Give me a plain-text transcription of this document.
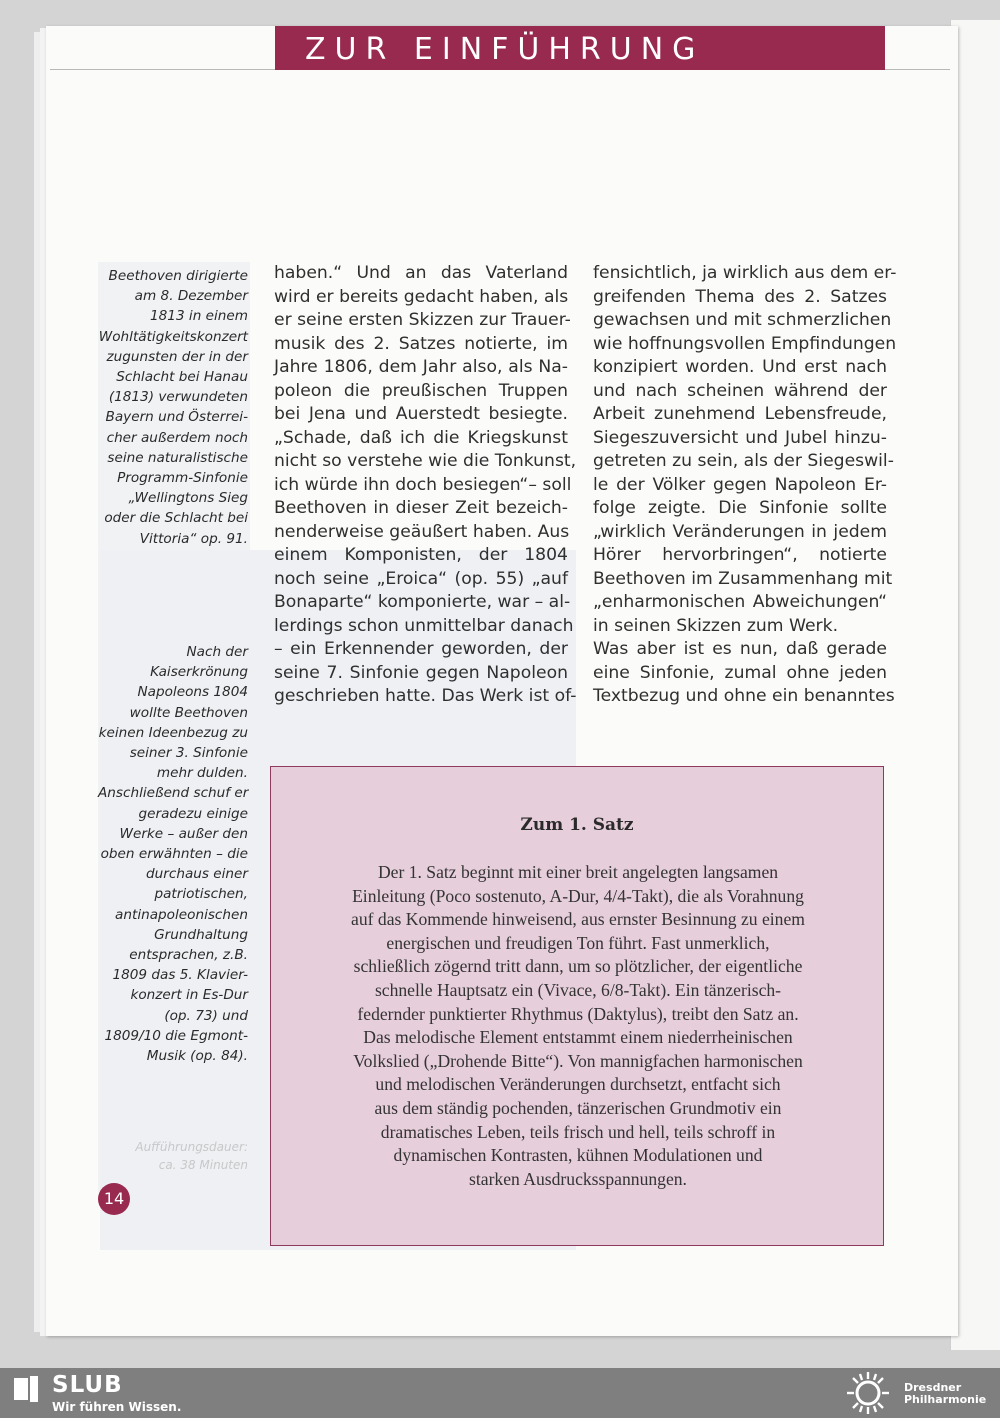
ZUR EINFÜHRUNG
Beethoven dirigierte
am 8. Dezember
1813 in einem
Wohltätigkeitskonzert
zugunsten der in der
Schlacht bei Hanau
(1813) verwundeten
Bayern und Österrei-
cher außerdem noch
seine naturalistische
Programm-Sinfonie
„Wellingtons Sieg
oder die Schlacht bei
Vittoria“ op. 91.
Nach der
Kaiserkrönung
Napoleons 1804
wollte Beethoven
keinen Ideenbezug zu
seiner 3. Sinfonie
mehr dulden.
Anschließend schuf er
geradezu einige
Werke – außer den
oben erwähnten – die
durchaus einer
patriotischen,
antinapoleonischen
Grundhaltung
entsprachen, z.B.
1809 das 5. Klavier-
konzert in Es-Dur
(op. 73) und
1809/10 die Egmont-
Musik (op. 84).
Aufführungsdauer:
ca. 38 Minuten
haben.“ Und an das Vaterland
wird er bereits gedacht haben, als
er seine ersten Skizzen zur Trauer-
musik des 2. Satzes notierte, im
Jahre 1806, dem Jahr also, als Na-
poleon die preußischen Truppen
bei Jena und Auerstedt besiegte.
„Schade, daß ich die Kriegskunst
nicht so verstehe wie die Tonkunst,
ich würde ihn doch besiegen“– soll
Beethoven in dieser Zeit bezeich-
nenderweise geäußert haben. Aus
einem Komponisten, der 1804
noch seine „Eroica“ (op. 55) „auf
Bonaparte“ komponierte, war – al-
lerdings schon unmittelbar danach
– ein Erkennender geworden, der
seine 7. Sinfonie gegen Napoleon
geschrieben hatte. Das Werk ist of-
fensichtlich, ja wirklich aus dem er-
greifenden Thema des 2. Satzes
gewachsen und mit schmerzlichen
wie hoffnungsvollen Empfindungen
konzipiert worden. Und erst nach
und nach scheinen während der
Arbeit zunehmend Lebensfreude,
Siegeszuversicht und Jubel hinzu-
getreten zu sein, als der Siegeswil-
le der Völker gegen Napoleon Er-
folge zeigte. Die Sinfonie sollte
„wirklich Veränderungen in jedem
Hörer hervorbringen“, notierte
Beethoven im Zusammenhang mit
„enharmonischen Abweichungen“
in seinen Skizzen zum Werk.
Was aber ist es nun, daß gerade
eine Sinfonie, zumal ohne jeden
Textbezug und ohne ein benanntes
Zum 1. Satz
Der 1. Satz beginnt mit einer breit angelegten langsamen
Einleitung (Poco sostenuto, A-Dur, 4/4-Takt), die als Vorahnung
auf das Kommende hinweisend, aus ernster Besinnung zu einem
energischen und freudigen Ton führt. Fast unmerklich,
schließlich zögernd tritt dann, um so plötzlicher, der eigentliche
schnelle Hauptsatz ein (Vivace, 6/8-Takt). Ein tänzerisch-
federnder punktierter Rhythmus (Daktylus), treibt den Satz an.
Das melodische Element entstammt einem niederrheinischen
Volkslied („Drohende Bitte“). Von mannigfachen harmonischen
und melodischen Veränderungen durchsetzt, entfacht sich
aus dem ständig pochenden, tänzerischen Grundmotiv ein
dramatisches Leben, teils frisch und hell, teils schroff in
dynamischen Kontrasten, kühnen Modulationen und
starken Ausdrucksspannungen.
14
SLUB
Wir führen Wissen.
Dresdner
Philharmonie
